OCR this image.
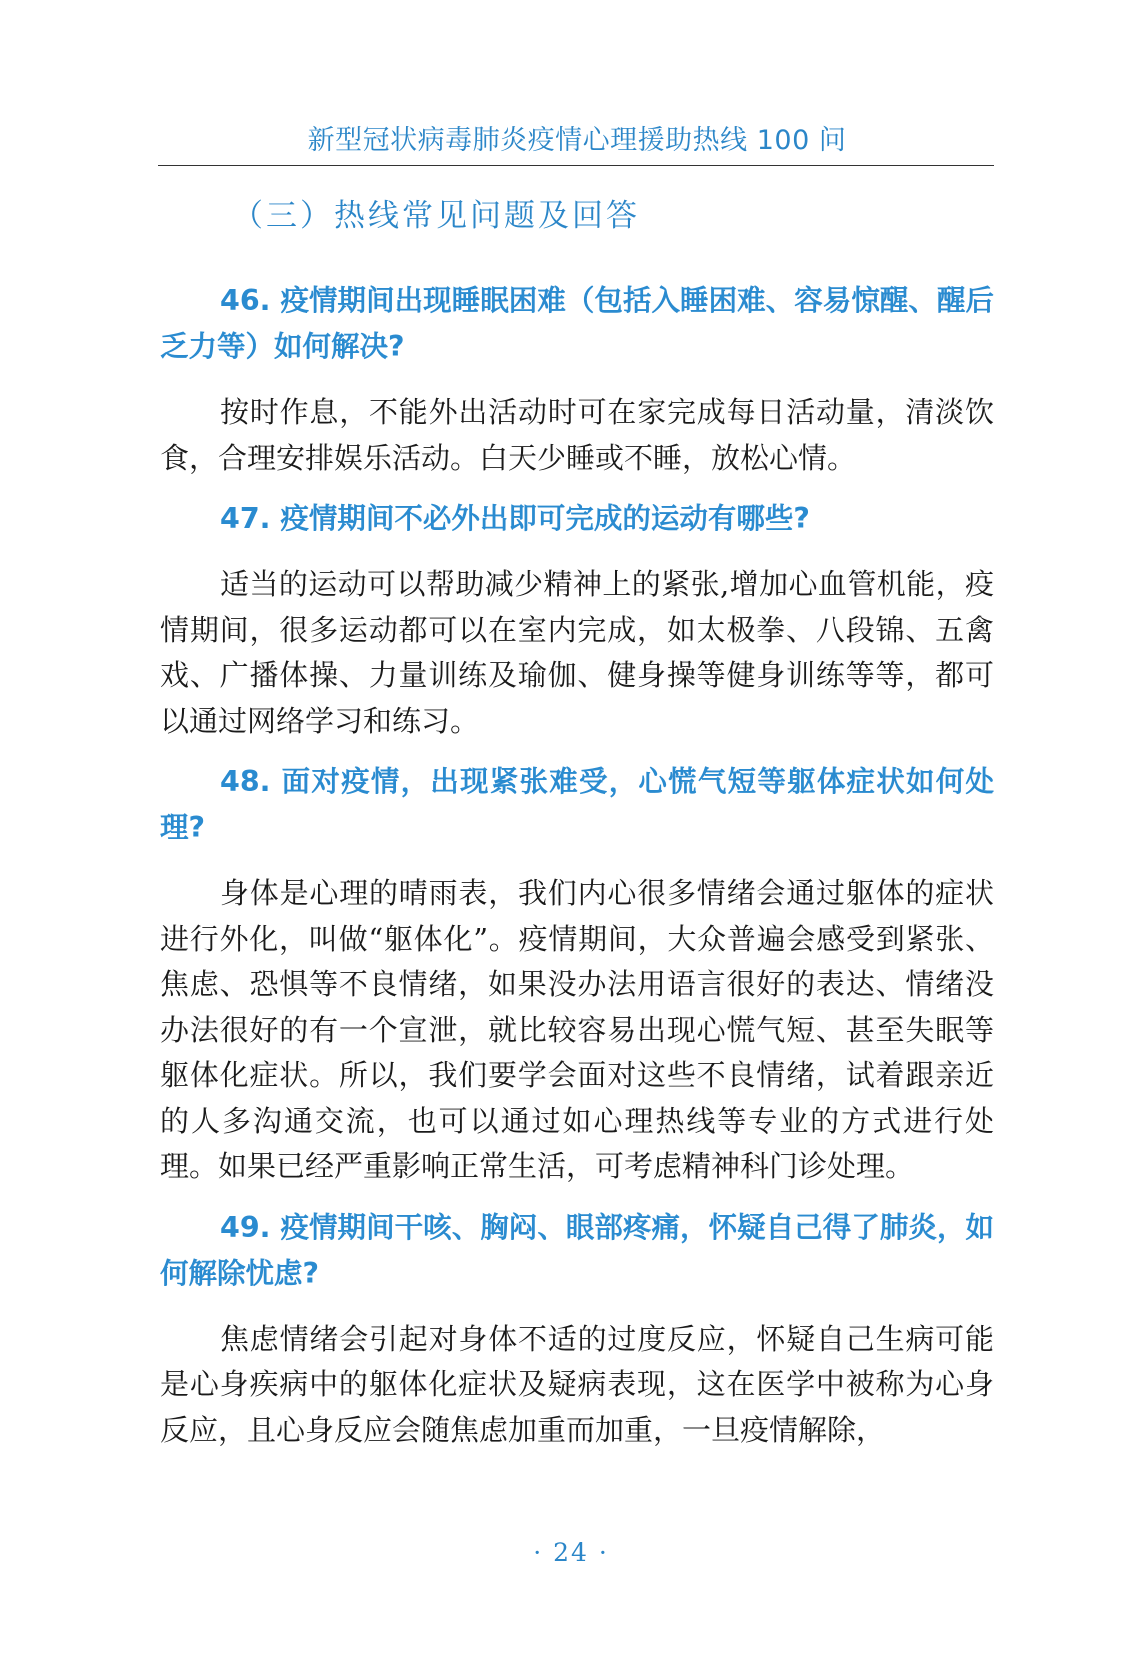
新型冠状病毒肺炎疫情心理援助热线 100 问
（三）热线常见问题及回答

46. 疫情期间出现睡眠困难（包括入睡困难、容易惊醒、醒后乏力等）如何解决?

按时作息，不能外出活动时可在家完成每日活动量，清淡饮食，合理安排娱乐活动。白天少睡或不睡，放松心情。

47. 疫情期间不必外出即可完成的运动有哪些?

适当的运动可以帮助减少精神上的紧张,增加心血管机能，疫情期间，很多运动都可以在室内完成，如太极拳、八段锦、五禽戏、广播体操、力量训练及瑜伽、健身操等健身训练等等，都可以通过网络学习和练习。

48. 面对疫情，出现紧张难受，心慌气短等躯体症状如何处理?

身体是心理的晴雨表，我们内心很多情绪会通过躯体的症状进行外化，叫做“躯体化”。疫情期间，大众普遍会感受到紧张、焦虑、恐惧等不良情绪，如果没办法用语言很好的表达、情绪没办法很好的有一个宣泄，就比较容易出现心慌气短、甚至失眠等躯体化症状。所以，我们要学会面对这些不良情绪，试着跟亲近的人多沟通交流，也可以通过如心理热线等专业的方式进行处理。如果已经严重影响正常生活，可考虑精神科门诊处理。

49. 疫情期间干咳、胸闷、眼部疼痛，怀疑自己得了肺炎，如何解除忧虑?

焦虑情绪会引起对身体不适的过度反应，怀疑自己生病可能是心身疾病中的躯体化症状及疑病表现，这在医学中被称为心身反应，且心身反应会随焦虑加重而加重，一旦疫情解除，

· 24 ·
